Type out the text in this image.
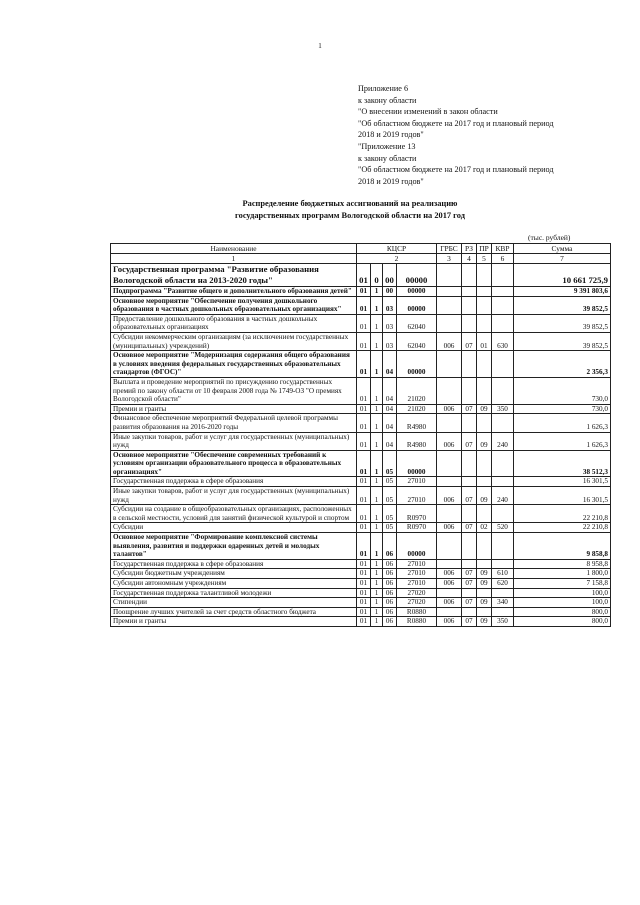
1
Приложение 6
к закону области
"О внесении изменений в закон области
"Об областном бюджете на 2017 год и плановый период
2018 и 2019 годов"
"Приложение 13
к закону области
"Об областном бюджете на 2017 год и плановый период
2018 и 2019 годов"
Распределение бюджетных ассигнований на реализацию
государственных программ Вологодской области на 2017 год
(тыс. рублей)
Наименование	КЦСР				ГРБС	РЗ	ПР	КВР	Сумма
1	2				3	4	5	6	7
Государственная программа "Развитие образования Вологодской области на 2013-2020 годы"	01	0	00	00000					10 661 725,9
Подпрограмма "Развитие общего и дополнительного образования детей"	01	1	00	00000					9 391 803,6
Основное мероприятие "Обеспечение получения дошкольного образования в частных дошкольных образовательных организациях"	01	1	03	00000					39 852,5
Предоставление дошкольного образования в частных дошкольных образовательных организациях	01	1	03	62040					39 852,5
Субсидии некоммерческим организациям (за исключением государственных (муниципальных) учреждений)	01	1	03	62040	006	07	01	630	39 852,5
Основное мероприятие "Модернизация содержания общего образования в условиях введения федеральных государственных образовательных стандартов (ФГОС)"	01	1	04	00000					2 356,3
Выплата и проведение мероприятий по присуждению государственных премий по закону области от 10 февраля 2008 года № 1749-ОЗ "О премиях Вологодской области"	01	1	04	21020					730,0
Премии и гранты	01	1	04	21020	006	07	09	350	730,0
Финансовое обеспечение мероприятий Федеральной целевой программы развития образования на 2016-2020 годы	01	1	04	R4980					1 626,3
Иные закупки товаров, работ и услуг для государственных (муниципальных) нужд	01	1	04	R4980	006	07	09	240	1 626,3
Основное мероприятие "Обеспечение современных требований к условиям организации образовательного процесса в образовательных организациях"	01	1	05	00000					38 512,3
Государственная поддержка в сфере образования	01	1	05	27010					16 301,5
Иные закупки товаров, работ и услуг для государственных (муниципальных) нужд	01	1	05	27010	006	07	09	240	16 301,5
Субсидии на создание в общеобразовательных организациях, расположенных в сельской местности, условий для занятий физической культурой и спортом	01	1	05	R0970					22 210,8
Субсидии	01	1	05	R0970	006	07	02	520	22 210,8
Основное мероприятие "Формирование комплексной системы выявления, развития и поддержки одаренных детей и молодых талантов"	01	1	06	00000					9 858,8
Государственная поддержка в сфере образования	01	1	06	27010					8 958,8
Субсидии бюджетным учреждениям	01	1	06	27010	006	07	09	610	1 800,0
Субсидии автономным учреждениям	01	1	06	27010	006	07	09	620	7 158,8
Государственная поддержка талантливой молодежи	01	1	06	27020					100,0
Стипендии	01	1	06	27020	006	07	09	340	100,0
Поощрение лучших учителей за счет средств областного бюджета	01	1	06	R0880					800,0
Премии и гранты	01	1	06	R0880	006	07	09	350	800,0
